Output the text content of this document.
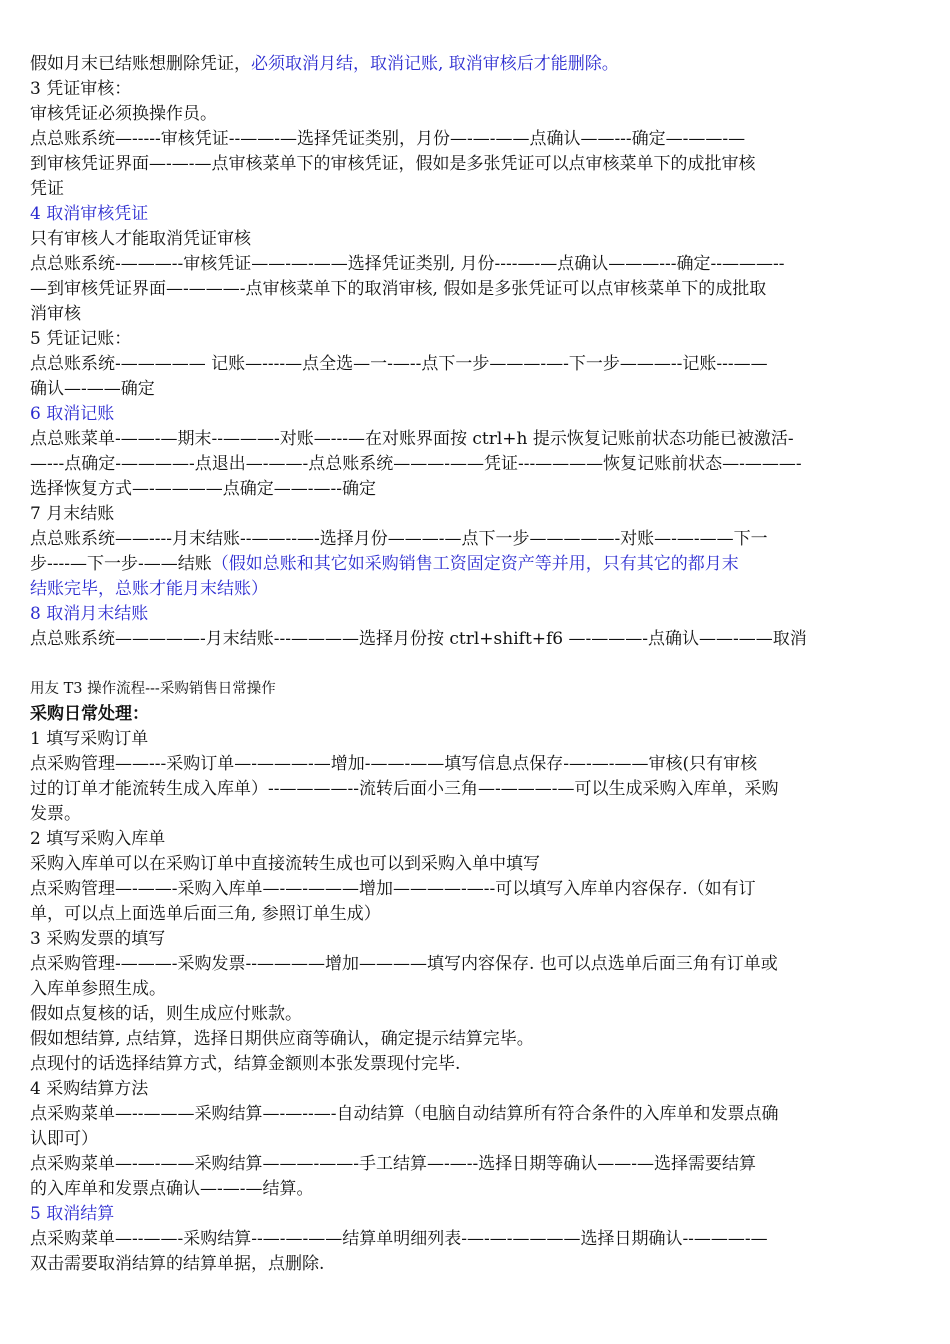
假如月末已结账想删除凭证，必须取消月结，取消记账, 取消审核后才能删除。
3 凭证审核：
审核凭证必须换操作员。
点总账系统—-----审核凭证--——-—选择凭证类别，月份—-—-——点确认——---确定—-——-—
到审核凭证界面—-—-—点审核菜单下的审核凭证，假如是多张凭证可以点审核菜单下的成批审核
凭证
4 取消审核凭证
只有审核人才能取消凭证审核
点总账系统-———--审核凭证——-—-——选择凭证类别, 月份----—-—点确认———---确定--———--
—到审核凭证界面—-———-点审核菜单下的取消审核, 假如是多张凭证可以点审核菜单下的成批取
消审核
5 凭证记账：
点总账系统-————— 记账—----—点全选—一-—--点下一步———-—-下一步———--记账---——
确认—-——确定
6 取消记账
点总账菜单-——-—期末--———-对账—---—在对账界面按 ctrl+h 提示恢复记账前状态功能已被激活-
—---点确定-————-点退出—-——-点总账系统———-——凭证---————恢复记账前状态—-———-
选择恢复方式—-————点确定——-—--确定
7 月末结账
点总账系统——----月末结账--——--—-选择月份———-—点下一步—————-对账—-—-——下一
步----—下一步-——结账（假如总账和其它如采购销售工资固定资产等并用，只有其它的都月末
结账完毕，总账才能月末结账）
8 取消月末结账
点总账系统—————-月末结账---————选择月份按 ctrl+shift+f6 —-———-点确认——-——取消
用友 T3 操作流程---采购销售日常操作
采购日常处理：
1 填写采购订单
点采购管理——---采购订单—-———-—增加-——-——填写信息点保存-—-—-——审核(只有审核
过的订单才能流转生成入库单）--————--流转后面小三角—-———-—可以生成采购入库单，采购
发票。
2 填写采购入库单
采购入库单可以在采购订单中直接流转生成也可以到采购入单中填写
点采购管理—-——-采购入库单—-—-———增加————-—--可以填写入库单内容保存.（如有订
单，可以点上面选单后面三角, 参照订单生成）
3 采购发票的填写
点采购管理-———-采购发票--————增加————填写内容保存. 也可以点选单后面三角有订单或
入库单参照生成。
假如点复核的话，则生成应付账款。
假如想结算, 点结算，选择日期供应商等确认，确定提示结算完毕。
点现付的话选择结算方式，结算金额则本张发票现付完毕.
4 采购结算方法
点采购菜单—--———采购结算—-—--—-自动结算（电脑自动结算所有符合条件的入库单和发票点确
认即可）
点采购菜单—-—-——采购结算———-——-手工结算—-—--选择日期等确认——-—选择需要结算
的入库单和发票点确认—-—-—结算。
5 取消结算
点采购菜单—--——-采购结算--—-—-——结算单明细列表-—-—-————选择日期确认--———-—
双击需要取消结算的结算单据，点删除.
